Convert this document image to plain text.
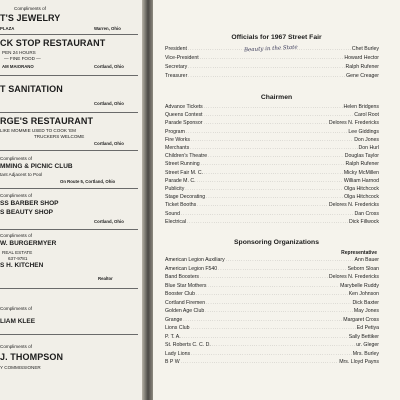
Compliments of
T'S JEWELRY
PLAZA	Warren, Ohio
CK STOP RESTAURANT
PEN 24 HOURS
— FINE FOOD —
AM MAIORANO	Cortland, Ohio
T SANITATION
Cortland, Ohio
RGE'S RESTAURANT
LIKE MOMMIE USED TO COOK 'EM
TRUCKERS WELCOME
Cortland, Ohio
Compliments of
MMING & PICNIC CLUB
tant Adjacent to Pool
On Route 5, Cortland, Ohio
Compliments of
SS BARBER SHOP
S BEAUTY SHOP
Cortland, Ohio
Compliments of
W. BURGERMYER
REAL ESTATE
637-9781
S H. KITCHEN
Realtor
Compliments of
LIAM KLEE
Compliments of
J. THOMPSON
Y COMMISSIONER
Officials for 1967 Street Fair
Beauty in the State
President . . .	Chet Burley
Vice-President . . .	Howard Hector
Secretary . . .	Ralph Rufener
Treasurer . . .	Gene Creager
Chairmen
Advance Tickets . . .	Helen Bridgens
Queens Contest . . .	Carol Root
Parade Sponsor . . .	Delores N. Fredericks
Program . . .	Lee Giddings
Fire Works . . .	Don Jones
Merchants . . .	Don Hurl
Children's Theatre . . .	Douglas Taylor
Street Running . . .	Ralph Rufener
Street Fair M. C. . . .	Micky McMillen
Parade M. C. . . .	William Harnod
Publicity . . .	Olga Hitchcock
Stage Decorating . . .	Olga Hitchcock
Ticket Booths . . .	Delores N. Fredericks
Sound . . .	Dan Cross
Electrical . . .	Dick Fillwock
Sponsoring Organizations
Representative
American Legion Auxiliary . . .	Ann Bauer
American Legion F540 . . .	Seborn Sloan
Band Boosters . . .	Delores N. Fredericks
Blue Star Mothers . . .	Marybelle Ruddy
Booster Club . . .	Ken Johnson
Cortland Firemen . . .	Dick Baxter
Golden Age Club . . .	May Jones
Grange . . .	Margaret Cross
Lions Club . . .	Ed Petiya
P. T. A. . . .	Sally Bettiker
St. Roberts C. C. D. . . .	ur. Gleger
Lady Lions . . .	Mrs. Burley
B P W . . .	Mrs. Lloyd Payns
